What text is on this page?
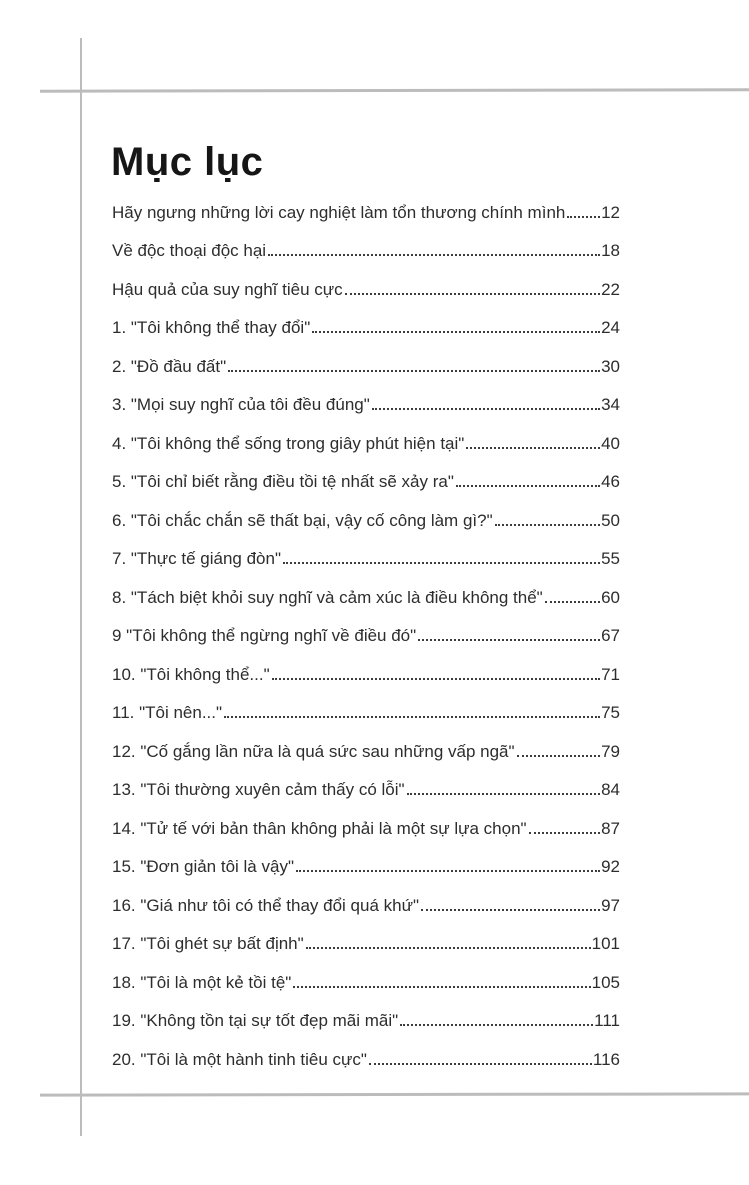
Mục lục
Hãy ngưng những lời cay nghiệt làm tổn thương chính mình 12
Về độc thoại độc hại	18
Hậu quả của suy nghĩ tiêu cực	22
1. "Tôi không thể thay đổi"	24
2. "Đồ đầu đất"	30
3. "Mọi suy nghĩ của tôi đều đúng"	34
4. "Tôi không thể sống trong giây phút hiện tại"	40
5. "Tôi chỉ biết rằng điều tồi tệ nhất sẽ xảy ra"	46
6. "Tôi chắc chắn sẽ thất bại, vậy cố công làm gì?"	50
7. "Thực tế giáng đòn"	55
8. "Tách biệt khỏi suy nghĩ và cảm xúc là điều không thể"	60
9 "Tôi không thể ngừng nghĩ về điều đó"	67
10. "Tôi không thể..."	71
11. "Tôi nên..."	75
12. "Cố gắng lần nữa là quá sức sau những vấp ngã"	79
13. "Tôi thường xuyên cảm thấy có lỗi"	84
14. "Tử tế với bản thân không phải là một sự lựa chọn"	87
15. "Đơn giản tôi là vậy"	92
16. "Giá như tôi có thể thay đổi quá khứ"	97
17. "Tôi ghét sự bất định"	101
18. "Tôi là một kẻ tồi tệ"	105
19. "Không tồn tại sự tốt đẹp mãi mãi"	111
20. "Tôi là một hành tinh tiêu cực"	116
